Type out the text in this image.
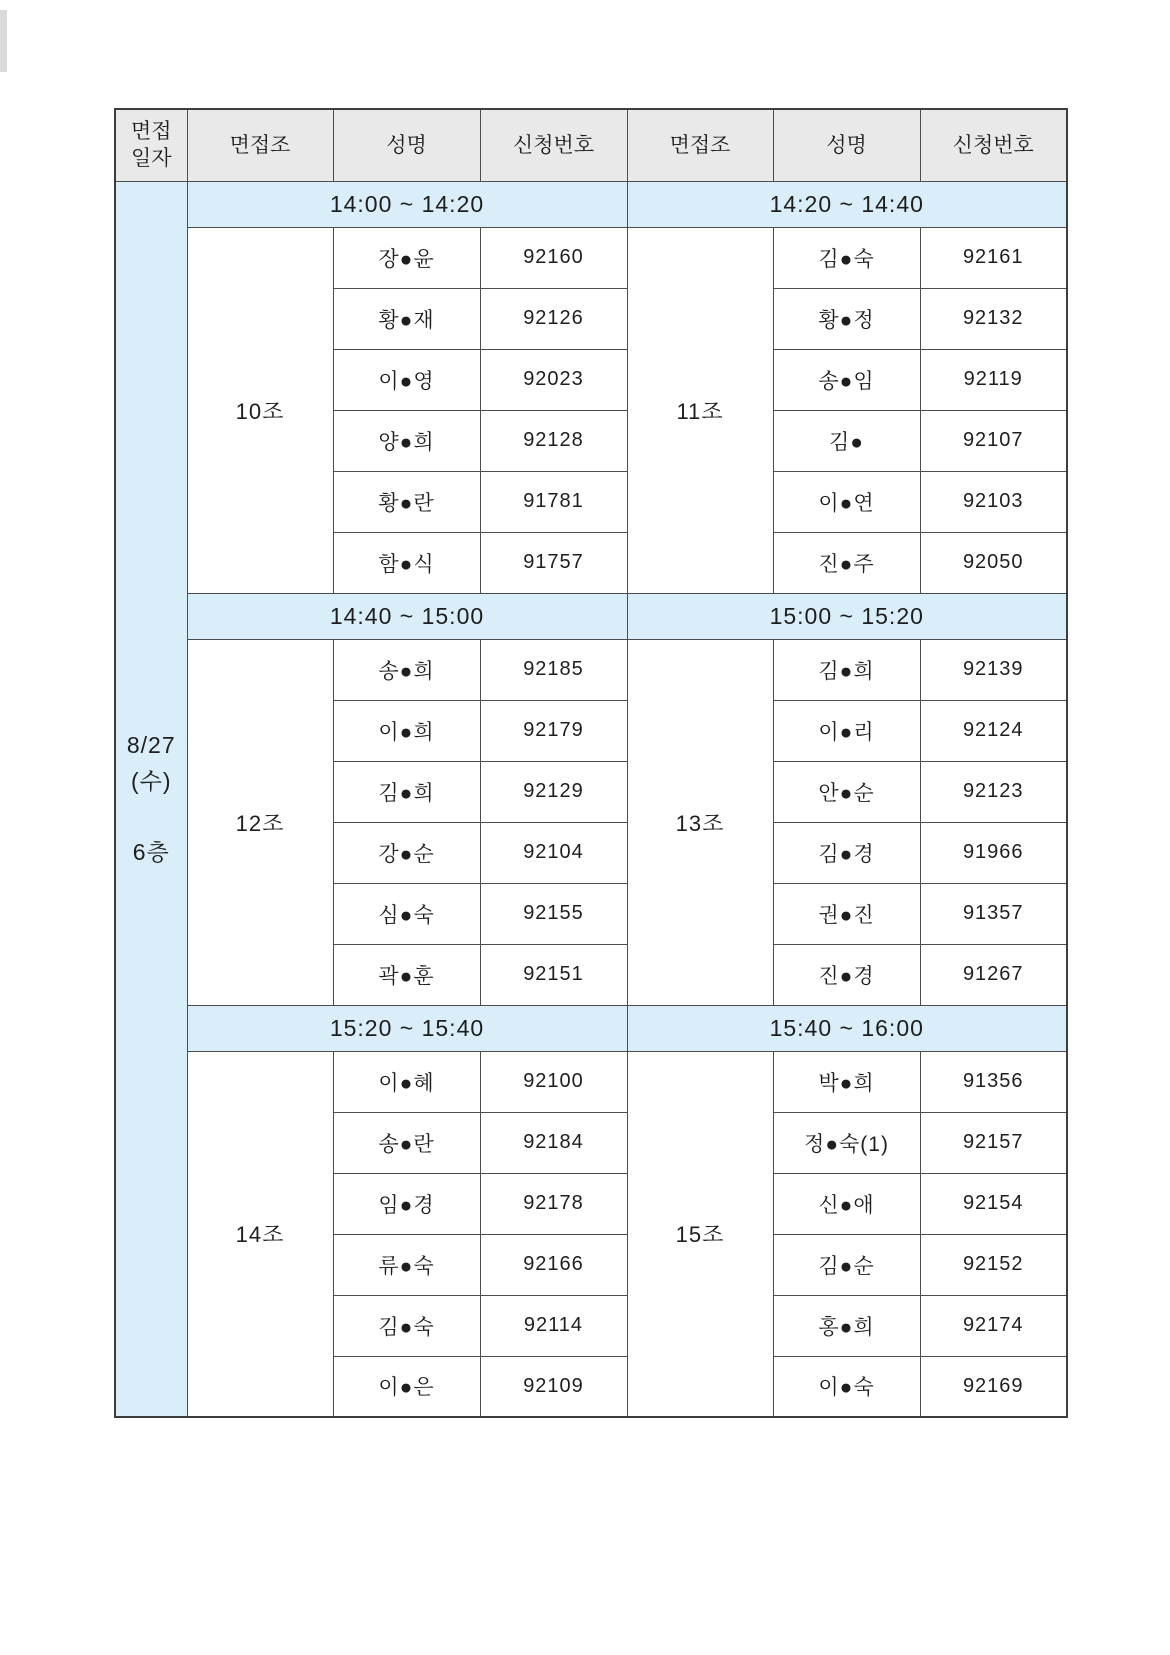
면접
일자	면접조	성명	신청번호	면접조	성명	신청번호

8/27
(수)
6층	14:00 ~ 14:20			14:20 ~ 14:40		
	10조	장●윤	92160	11조	김●숙	92161
		황●재	92126		황●정	92132
		이●영	92023		송●임	92119
		양●희	92128		김●	92107
		황●란	91781		이●연	92103
		함●식	91757		진●주	92050
	14:40 ~ 15:00			15:00 ~ 15:20		
	12조	송●희	92185	13조	김●희	92139
		이●희	92179		이●리	92124
		김●희	92129		안●순	92123
		강●순	92104		김●경	91966
		심●숙	92155		권●진	91357
		곽●훈	92151		진●경	91267
	15:20 ~ 15:40			15:40 ~ 16:00		
	14조	이●혜	92100	15조	박●희	91356
		송●란	92184		정●숙(1)	92157
		임●경	92178		신●애	92154
		류●숙	92166		김●순	92152
		김●숙	92114		홍●희	92174
		이●은	92109		이●숙	92169
